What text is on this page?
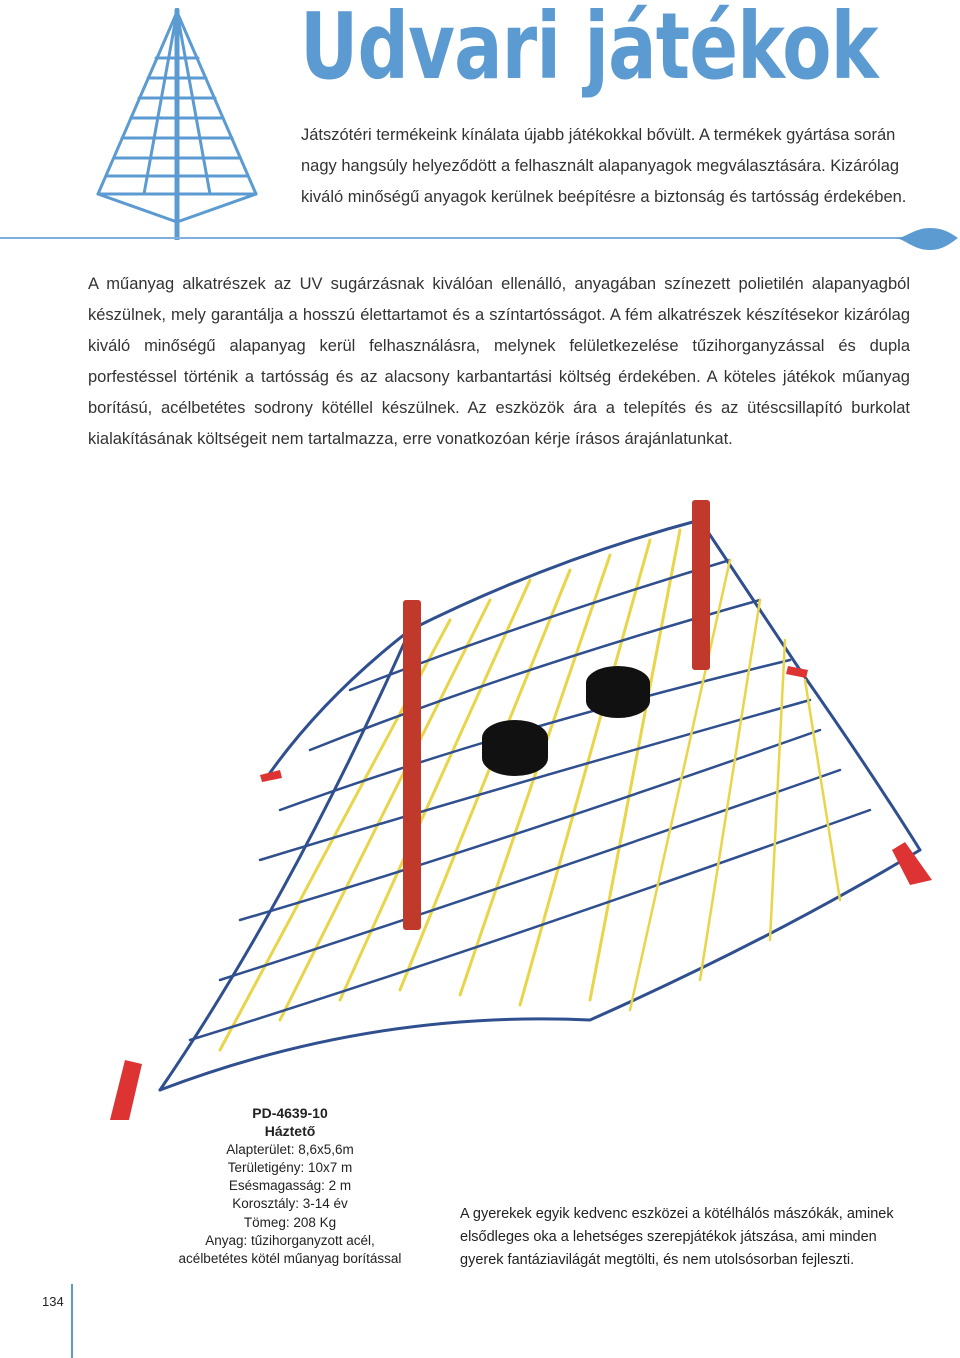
Udvari játékok

Játszótéri termékeink kínálata újabb játékokkal bővült. A termékek gyártása során nagy hangsúly helyeződött a felhasznált alapanyagok megválasztására. Kizárólag kiváló minőségű anyagok kerülnek beépítésre a biztonság és tartósság érdekében.

A műanyag alkatrészek az UV sugárzásnak kiválóan ellenálló, anyagában színezett polietilén alapanyagból készülnek, mely garantálja a hosszú élettartamot és a színtartósságot. A fém alkatrészek készítésekor kizárólag kiváló minőségű alapanyag kerül felhasználásra, melynek felületkezelése tűzihorganyzással és dupla porfestéssel történik a tartósság és az alacsony karbantartási költség érdekében. A köteles játékok műanyag borítású, acélbetétes sodrony kötéllel készülnek. Az eszközök ára a telepítés és az ütéscsillapító burkolat kialakításának költségeit nem tartalmazza, erre vonatkozóan kérje írásos árajánlatunkat.

PD-4639-10
Háztető
Alapterület: 8,6x5,6m
Területigény: 10x7 m
Esésmagasság: 2 m
Korosztály: 3-14 év
Tömeg: 208 Kg
Anyag: tűzihorganyzott acél,
acélbetétes kötél műanyag borítással

A gyerekek egyik kedvenc eszközei a kötélhálós mászókák, aminek elsődleges oka a lehetséges szerepjátékok játszása, ami minden gyerek fantáziavilágát megtölti, és nem utolsósorban fejleszti.

134
